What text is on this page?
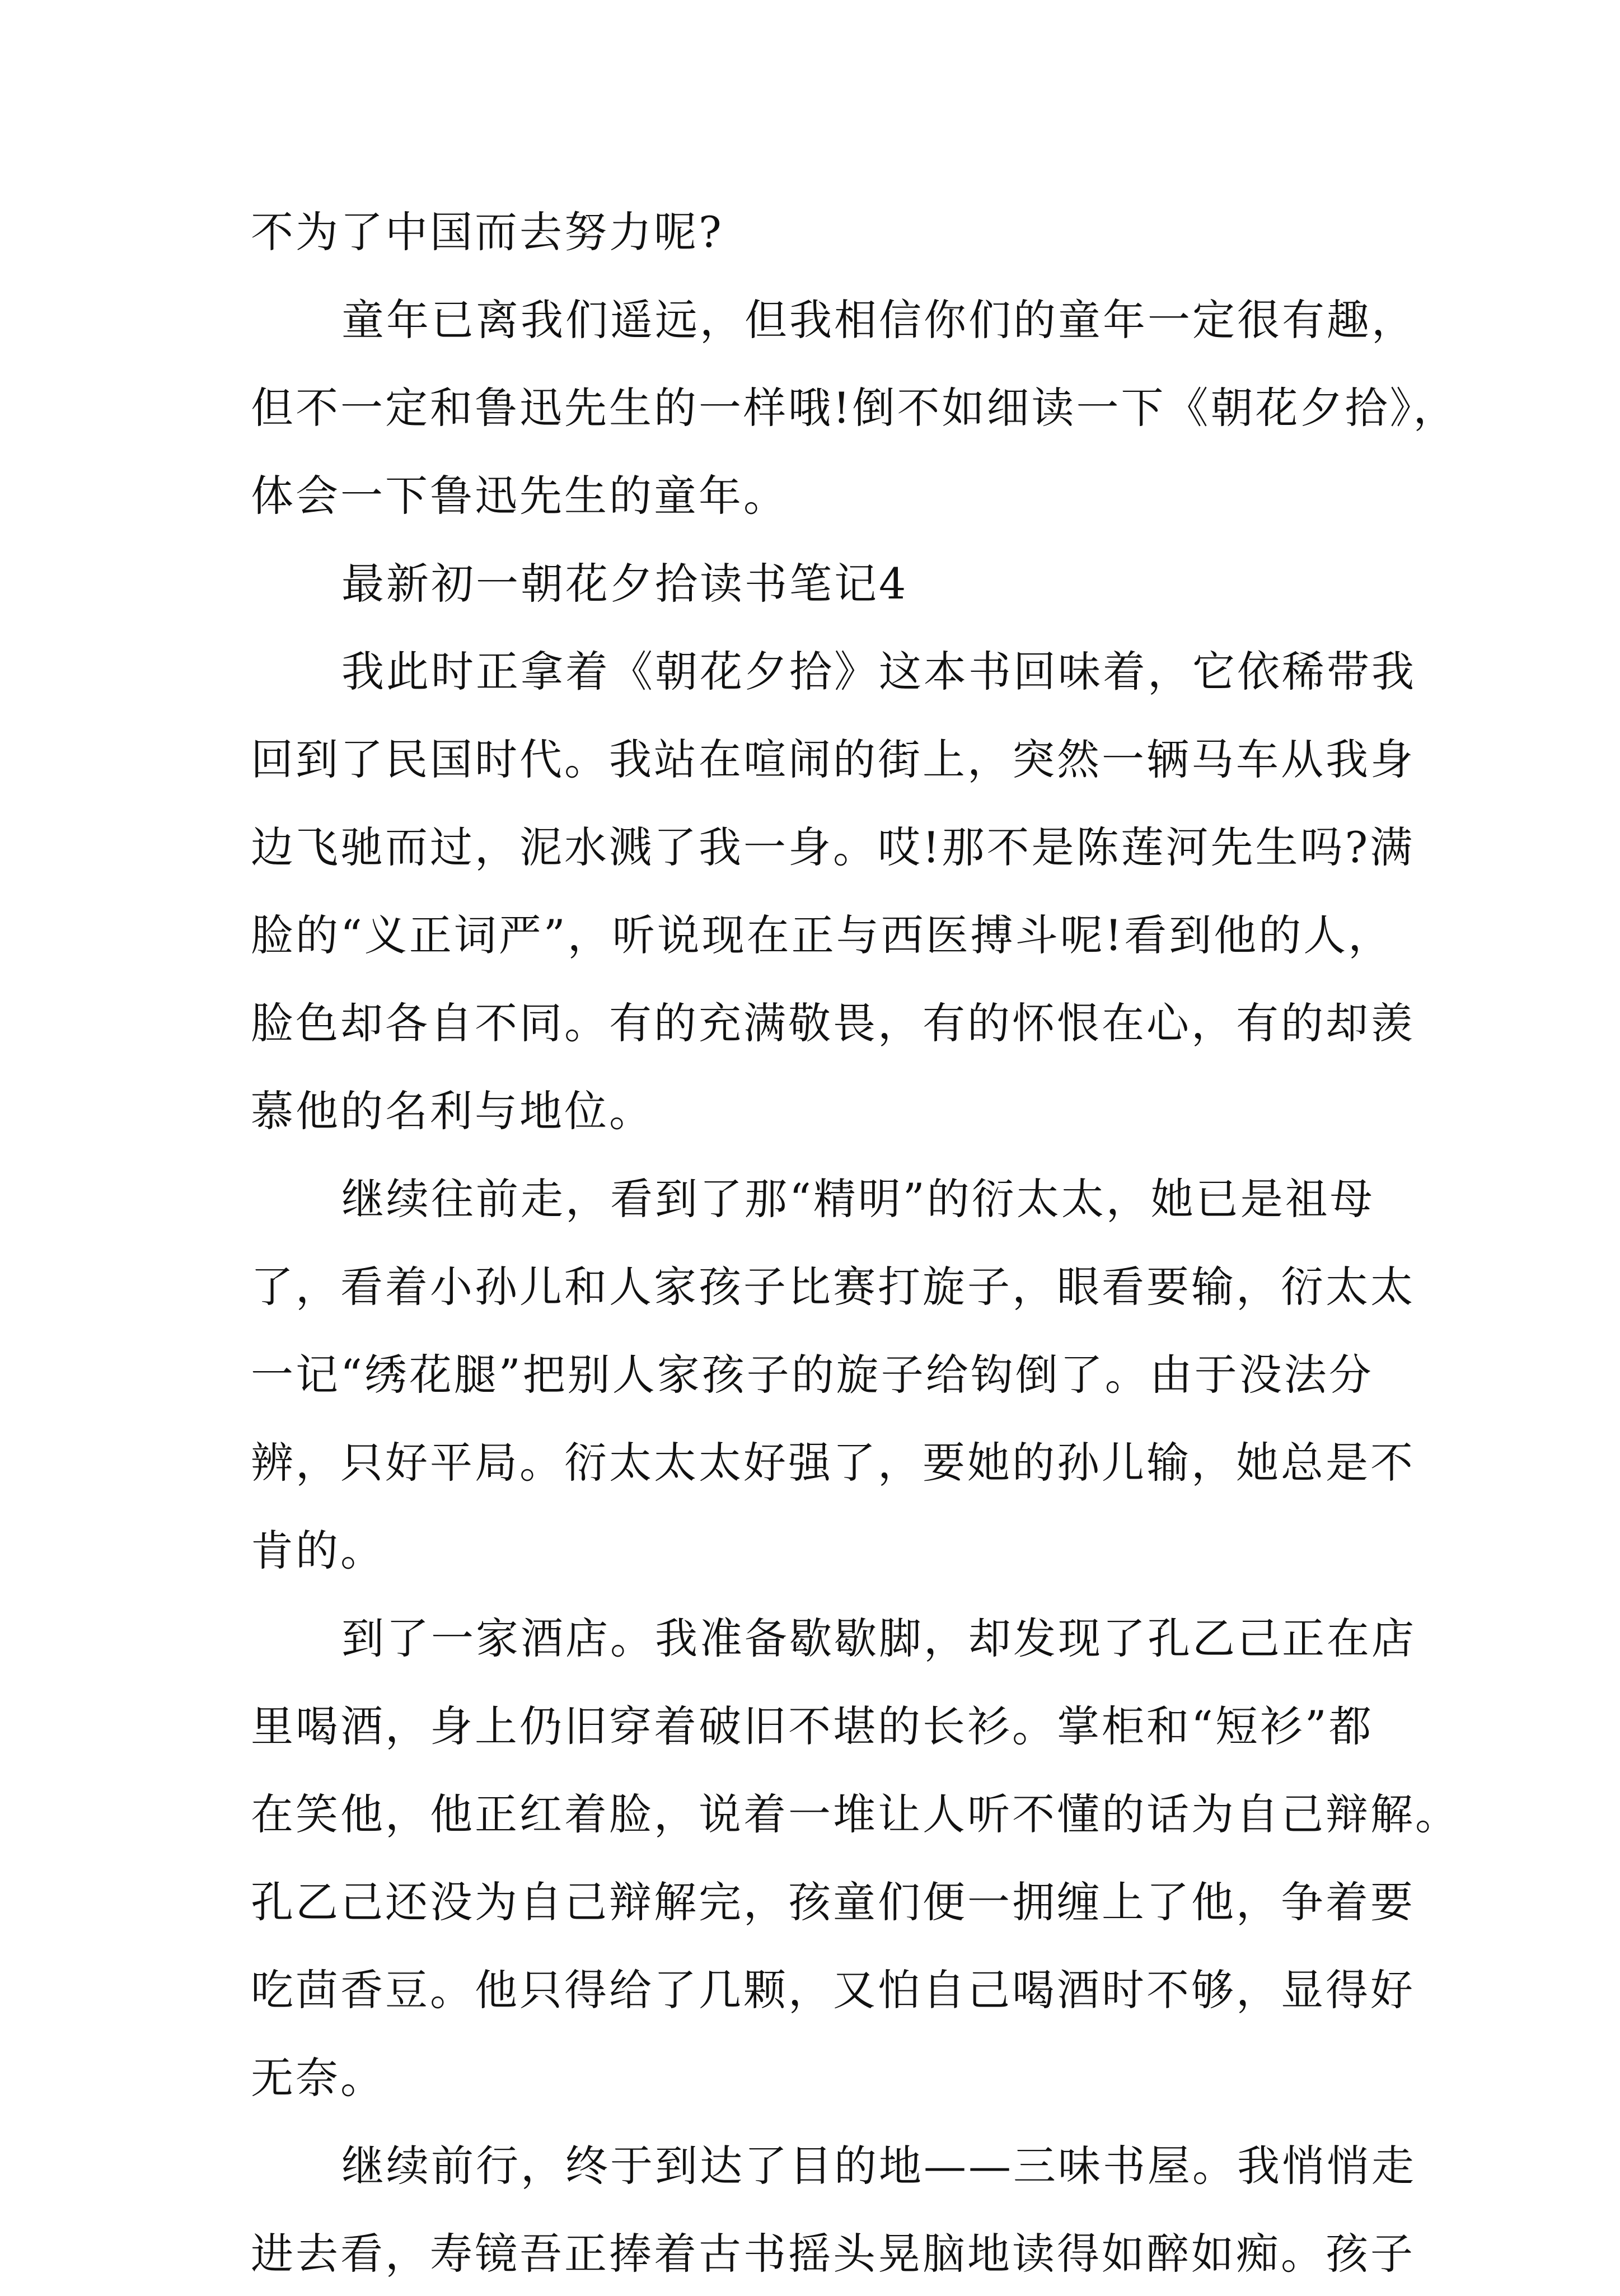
不为了中国而去努力呢?
童年已离我们遥远，但我相信你们的童年一定很有趣，
但不一定和鲁迅先生的一样哦!倒不如细读一下《朝花夕拾》，
体会一下鲁迅先生的童年。
最新初一朝花夕拾读书笔记4
我此时正拿着《朝花夕拾》这本书回味着，它依稀带我
回到了民国时代。我站在喧闹的街上，突然一辆马车从我身
边飞驰而过，泥水溅了我一身。哎!那不是陈莲河先生吗?满
脸的“义正词严”，听说现在正与西医搏斗呢!看到他的人，
脸色却各自不同。有的充满敬畏，有的怀恨在心，有的却羡
慕他的名利与地位。
继续往前走，看到了那“精明”的衍太太，她已是祖母
了，看着小孙儿和人家孩子比赛打旋子，眼看要输，衍太太
一记“绣花腿”把别人家孩子的旋子给钩倒了。由于没法分
辨，只好平局。衍太太太好强了，要她的孙儿输，她总是不
肯的。
到了一家酒店。我准备歇歇脚，却发现了孔乙己正在店
里喝酒，身上仍旧穿着破旧不堪的长衫。掌柜和“短衫”都
在笑他，他正红着脸，说着一堆让人听不懂的话为自己辩解。
孔乙己还没为自己辩解完，孩童们便一拥缠上了他，争着要
吃茴香豆。他只得给了几颗，又怕自己喝酒时不够，显得好
无奈。
继续前行，终于到达了目的地——三味书屋。我悄悄走
进去看，寿镜吾正捧着古书摇头晃脑地读得如醉如痴。孩子
